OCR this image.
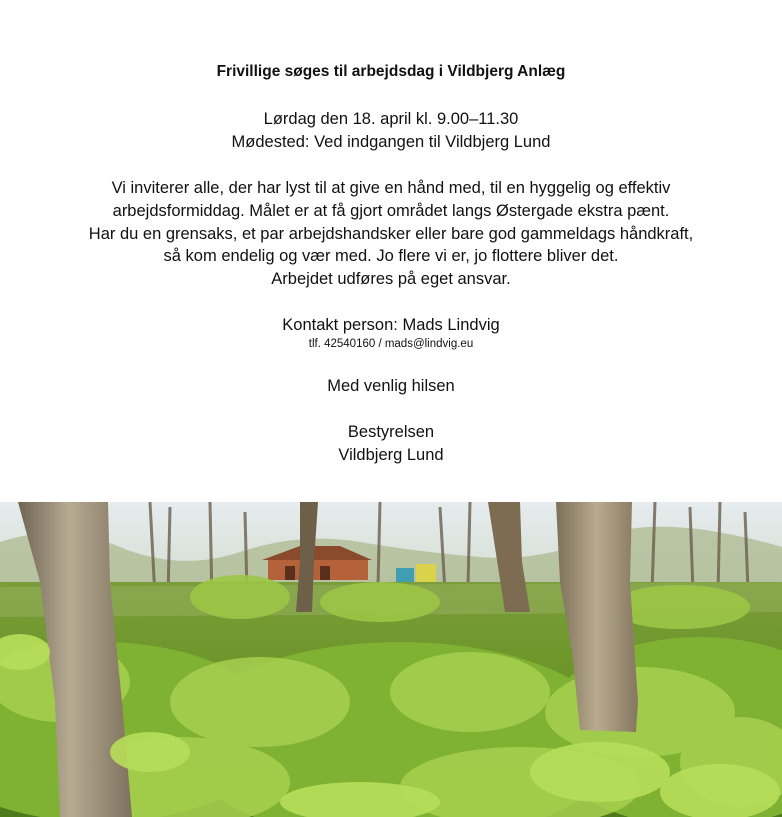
Frivillige søges til arbejdsdag i Vildbjerg Anlæg
Lørdag den 18. april kl. 9.00–11.30
Mødested: Ved indgangen til Vildbjerg Lund
Vi inviterer alle, der har lyst til at give en hånd med, til en hyggelig og effektiv
arbejdsformiddag. Målet er at få gjort området langs Østergade ekstra pænt.
Har du en grensaks, et par arbejdshandsker eller bare god gammeldags håndkraft,
så kom endelig og vær med. Jo flere vi er, jo flottere bliver det.
Arbejdet udføres på eget ansvar.
Kontakt person: Mads Lindvig
tlf. 42540160 / mads@lindvig.eu
Med venlig hilsen
Bestyrelsen
Vildbjerg Lund
